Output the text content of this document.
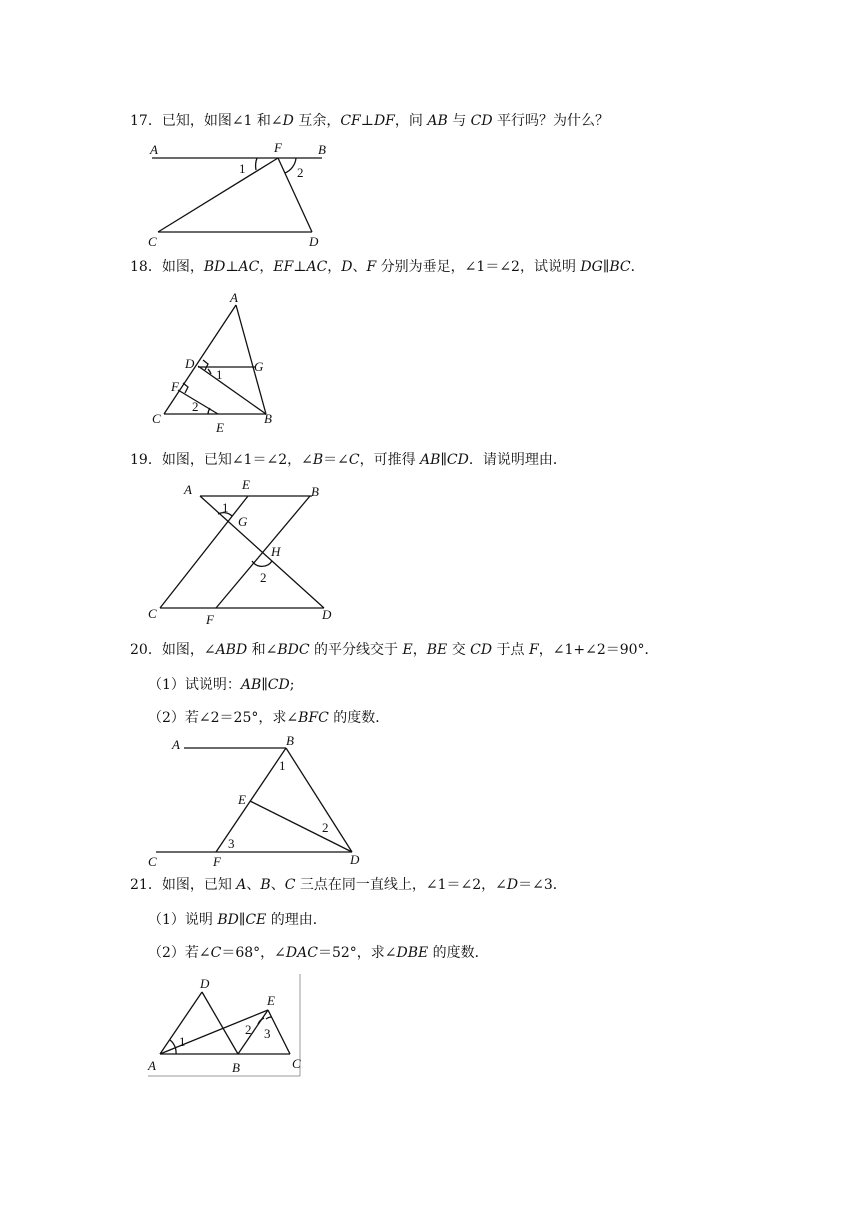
17．已知，如图∠1 和∠D 互余，CF⊥DF，问 AB 与 CD 平行吗？为什么？
A	F	B
1	2
C	D
18．如图，BD⊥AC，EF⊥AC，D、F 分别为垂足，∠1＝∠2，试说明 DG∥BC．
A
D	G
1
F
2
C	B
E
19．如图，已知∠1＝∠2，∠B＝∠C，可推得 AB∥CD．请说明理由．
A	E	B
1
G
H
2
C	F	D
20．如图，∠ABD 和∠BDC 的平分线交于 E，BE 交 CD 于点 F，∠1+∠2＝90°．
（1）试说明：AB∥CD;
（2）若∠2＝25°，求∠BFC 的度数．
A	B
1
E
2
3
C	F	D
21．如图，已知 A、B、C 三点在同一直线上，∠1＝∠2，∠D＝∠3．
（1）说明 BD∥CE 的理由．
（2）若∠C＝68°，∠DAC＝52°，求∠DBE 的度数．
D
E
2 3
1
A	B	C
